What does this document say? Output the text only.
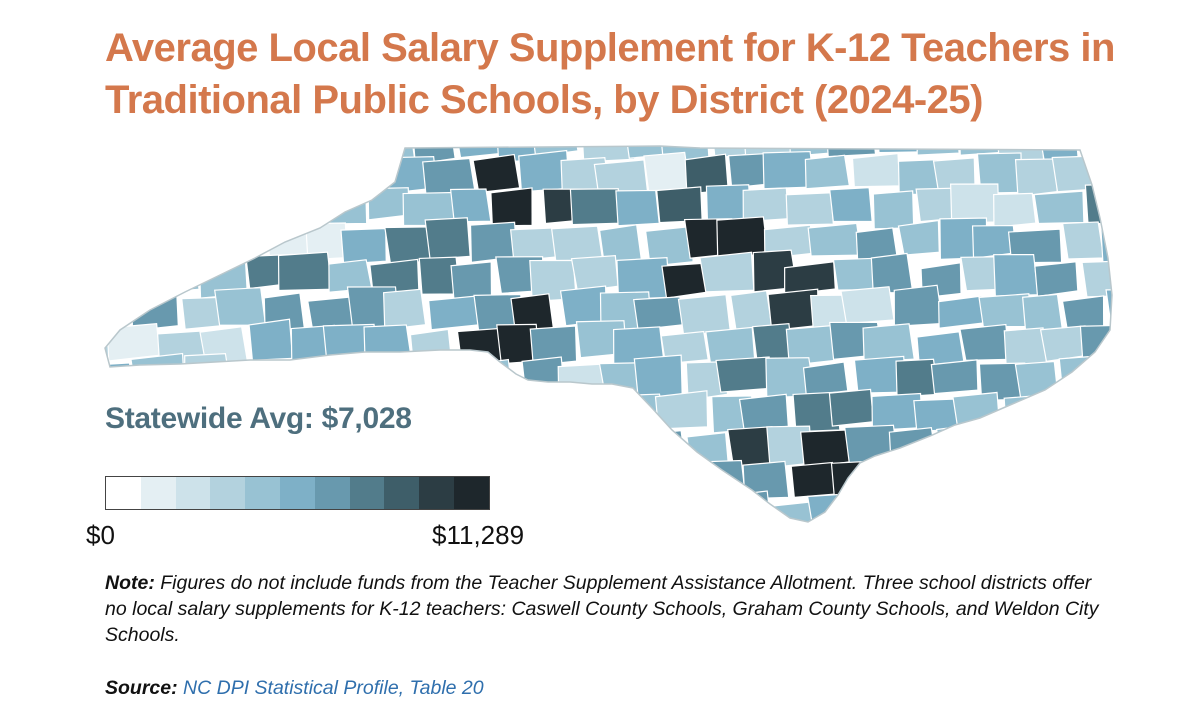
Average Local Salary Supplement for K-12 Teachers in
Traditional Public Schools, by District (2024-25)
Statewide Avg: $7,028
$0	$11,289
Note: Figures do not include funds from the Teacher Supplement Assistance Allotment. Three school districts offer no local salary supplements for K-12 teachers: Caswell County Schools, Graham County Schools, and Weldon City Schools.
Source: NC DPI Statistical Profile, Table 20
